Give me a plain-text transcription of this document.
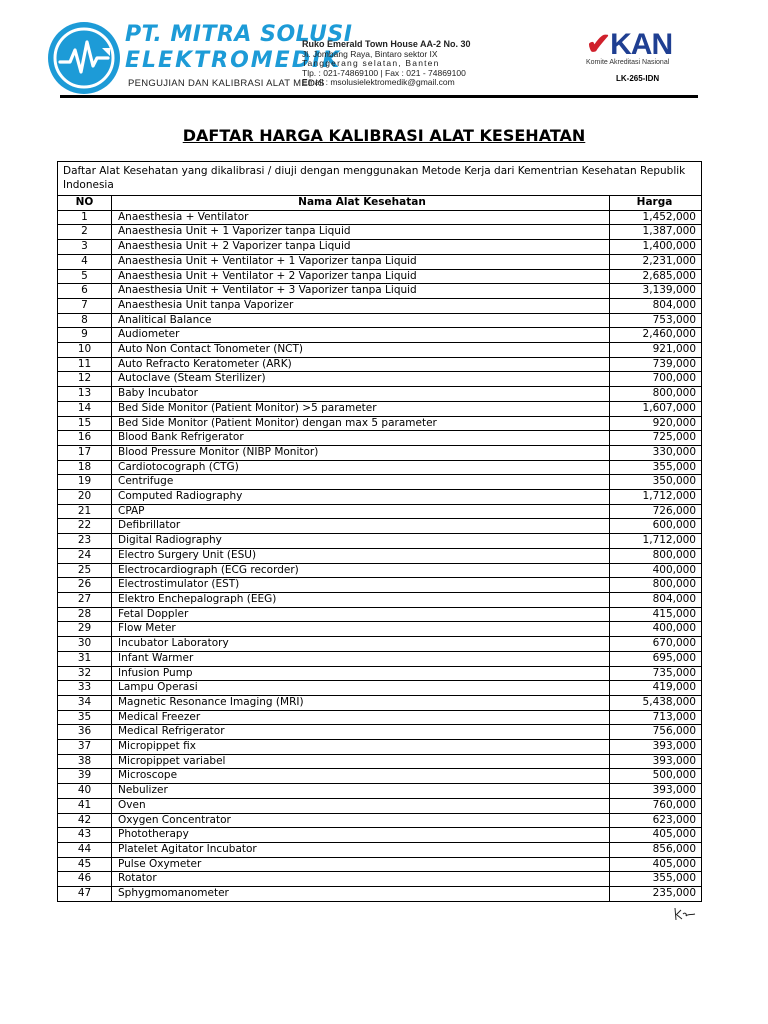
PT. MITRA SOLUSI
ELEKTROMEDIK
PENGUJIAN DAN KALIBRASI ALAT MEDIS
Ruko Emerald Town House AA-2 No. 30
Jl. Jombang Raya, Bintaro sektor IX
Tanggerang selatan, Banten
Tlp. : 021-74869100 | Fax : 021 - 74869100
Email : msolusielektromedik@gmail.com
✔KAN
Komite Akreditasi Nasional
LK-265-IDN
DAFTAR HARGA KALIBRASI ALAT KESEHATAN
Daftar Alat Kesehatan yang dikalibrasi / diuji dengan menggunakan Metode Kerja dari Kementrian Kesehatan Republik Indonesia		
NO	Nama Alat Kesehatan	Harga
1	Anaesthesia + Ventilator	1,452,000
2	Anaesthesia Unit + 1 Vaporizer tanpa Liquid	1,387,000
3	Anaesthesia Unit + 2 Vaporizer tanpa Liquid	1,400,000
4	Anaesthesia Unit + Ventilator + 1 Vaporizer tanpa Liquid	2,231,000
5	Anaesthesia Unit + Ventilator + 2 Vaporizer tanpa Liquid	2,685,000
6	Anaesthesia Unit + Ventilator + 3 Vaporizer tanpa Liquid	3,139,000
7	Anaesthesia Unit tanpa Vaporizer	804,000
8	Analitical Balance	753,000
9	Audiometer	2,460,000
10	Auto Non Contact Tonometer (NCT)	921,000
11	Auto Refracto Keratometer (ARK)	739,000
12	Autoclave (Steam Sterilizer)	700,000
13	Baby Incubator	800,000
14	Bed Side Monitor (Patient Monitor) >5 parameter	1,607,000
15	Bed Side Monitor (Patient Monitor) dengan max 5 parameter	920,000
16	Blood Bank Refrigerator	725,000
17	Blood Pressure Monitor (NIBP Monitor)	330,000
18	Cardiotocograph (CTG)	355,000
19	Centrifuge	350,000
20	Computed Radiography	1,712,000
21	CPAP	726,000
22	Defibrillator	600,000
23	Digital Radiography	1,712,000
24	Electro Surgery Unit (ESU)	800,000
25	Electrocardiograph (ECG recorder)	400,000
26	Electrostimulator (EST)	800,000
27	Elektro Enchepalograph (EEG)	804,000
28	Fetal Doppler	415,000
29	Flow Meter	400,000
30	Incubator Laboratory	670,000
31	Infant Warmer	695,000
32	Infusion Pump	735,000
33	Lampu Operasi	419,000
34	Magnetic Resonance Imaging (MRI)	5,438,000
35	Medical Freezer	713,000
36	Medical Refrigerator	756,000
37	Micropippet fix	393,000
38	Micropippet variabel	393,000
39	Microscope	500,000
40	Nebulizer	393,000
41	Oven	760,000
42	Oxygen Concentrator	623,000
43	Phototherapy	405,000
44	Platelet Agitator Incubator	856,000
45	Pulse Oxymeter	405,000
46	Rotator	355,000
47	Sphygmomanometer	235,000
